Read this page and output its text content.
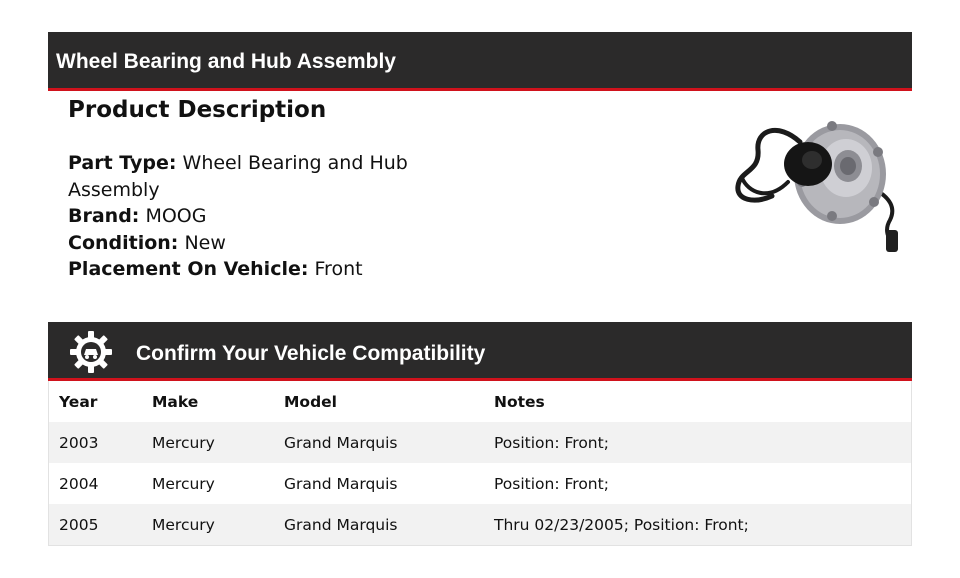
Wheel Bearing and Hub Assembly
Product Description
Part Type: Wheel Bearing and Hub Assembly
Brand: MOOG
Condition: New
Placement On Vehicle: Front
Confirm Your Vehicle Compatibility
Year	Make	Model	Notes
2003	Mercury	Grand Marquis	Position: Front;
2004	Mercury	Grand Marquis	Position: Front;
2005	Mercury	Grand Marquis	Thru 02/23/2005; Position: Front;
